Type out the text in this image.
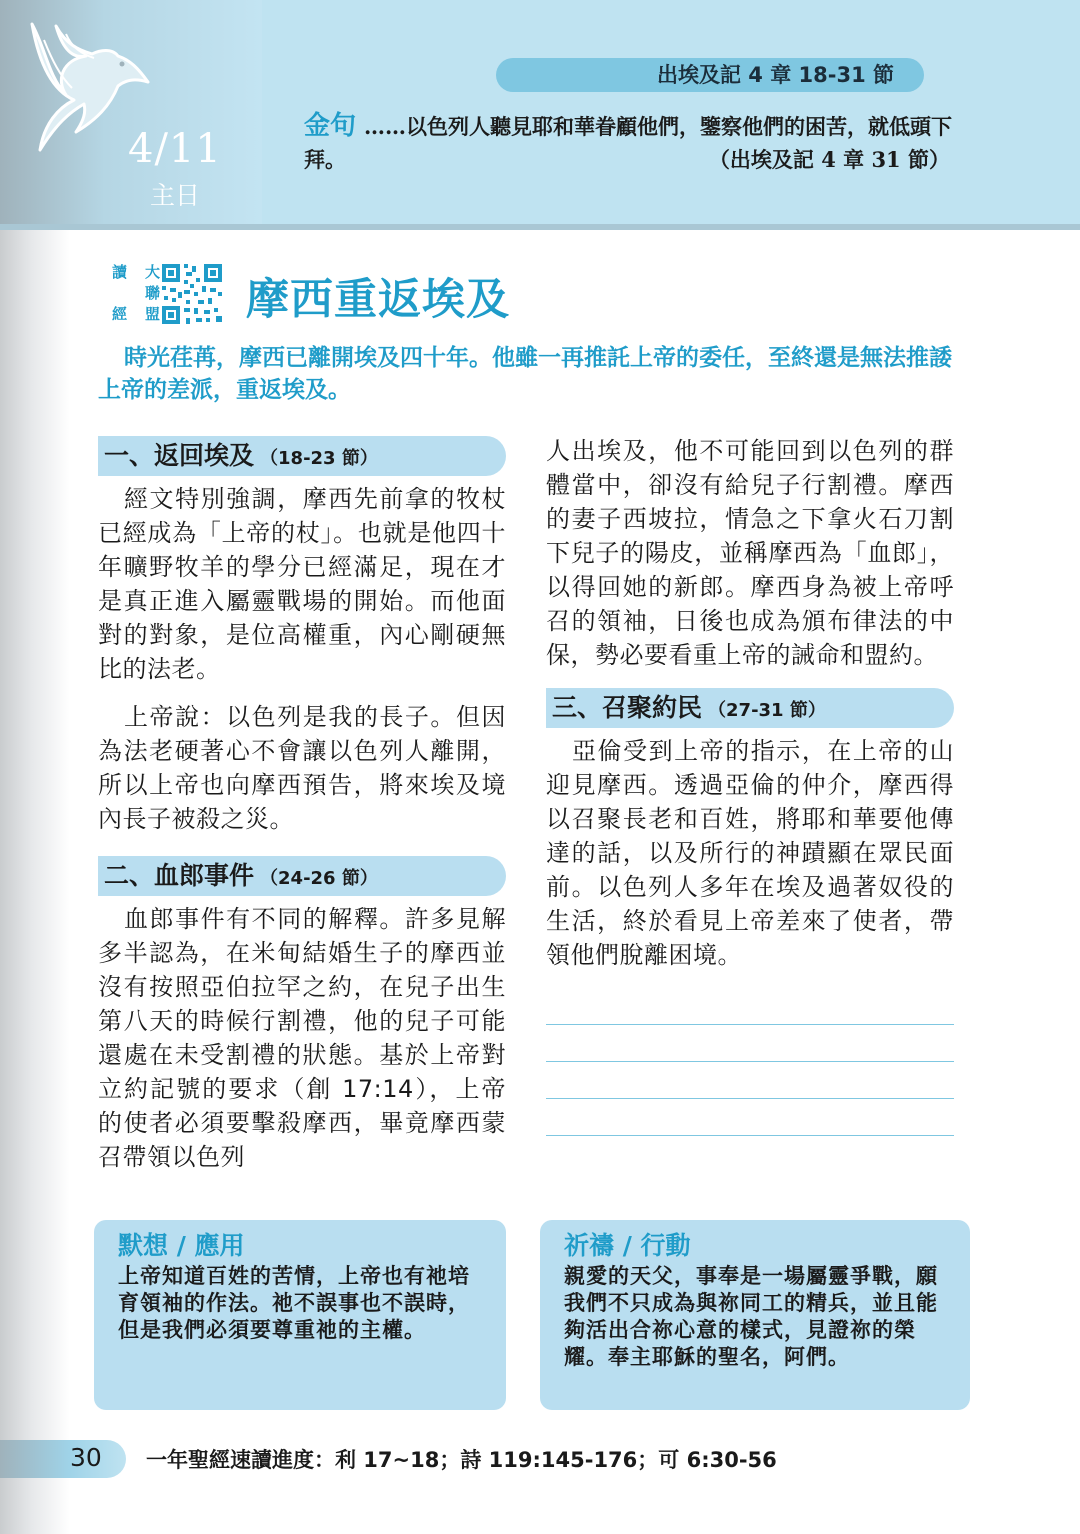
4/11
主日
出埃及記 4 章 18-31 節
金句 ……以色列人聽見耶和華眷顧他們，鑒察他們的困苦，就低頭下拜。	（出埃及記 4 章 31 節）
讀 大
聯
經 盟 摩西重返埃及
時光荏苒，摩西已離開埃及四十年。他雖一再推託上帝的委任，至終還是無法推諉上帝的差派，重返埃及。
一、返回埃及 （18-23 節）

經文特別強調，摩西先前拿的牧杖已經成為「上帝的杖」。也就是他四十年曠野牧羊的學分已經滿足，現在才是真正進入屬靈戰場的開始。而他面對的對象，是位高權重，內心剛硬無比的法老。

上帝說：以色列是我的長子。但因為法老硬著心不會讓以色列人離開，所以上帝也向摩西預告，將來埃及境內長子被殺之災。

二、血郎事件 （24-26 節）

血郎事件有不同的解釋。許多見解多半認為，在米甸結婚生子的摩西並沒有按照亞伯拉罕之約，在兒子出生第八天的時候行割禮，他的兒子可能還處在未受割禮的狀態。基於上帝對立約記號的要求（創 17:14），上帝的使者必須要擊殺摩西，畢竟摩西蒙召帶領以色列

人出埃及，他不可能回到以色列的群體當中，卻沒有給兒子行割禮。摩西的妻子西坡拉，情急之下拿火石刀割下兒子的陽皮，並稱摩西為「血郎」，以得回她的新郎。摩西身為被上帝呼召的領袖，日後也成為頒布律法的中保，勢必要看重上帝的誡命和盟約。

三、召聚約民 （27-31 節）

亞倫受到上帝的指示，在上帝的山迎見摩西。透過亞倫的仲介，摩西得以召聚長老和百姓，將耶和華要他傳達的話，以及所行的神蹟顯在眾民面前。以色列人多年在埃及過著奴役的生活，終於看見上帝差來了使者，帶領他們脫離困境。

默想 / 應用
上帝知道百姓的苦情，上帝也有祂培育領袖的作法。祂不誤事也不誤時，但是我們必須要尊重祂的主權。
祈禱 / 行動
親愛的天父，事奉是一場屬靈爭戰，願我們不只成為與祢同工的精兵，並且能夠活出合祢心意的樣式，見證祢的榮耀。奉主耶穌的聖名，阿們。
30 一年聖經速讀進度：利 17~18；詩 119:145-176；可 6:30-56
